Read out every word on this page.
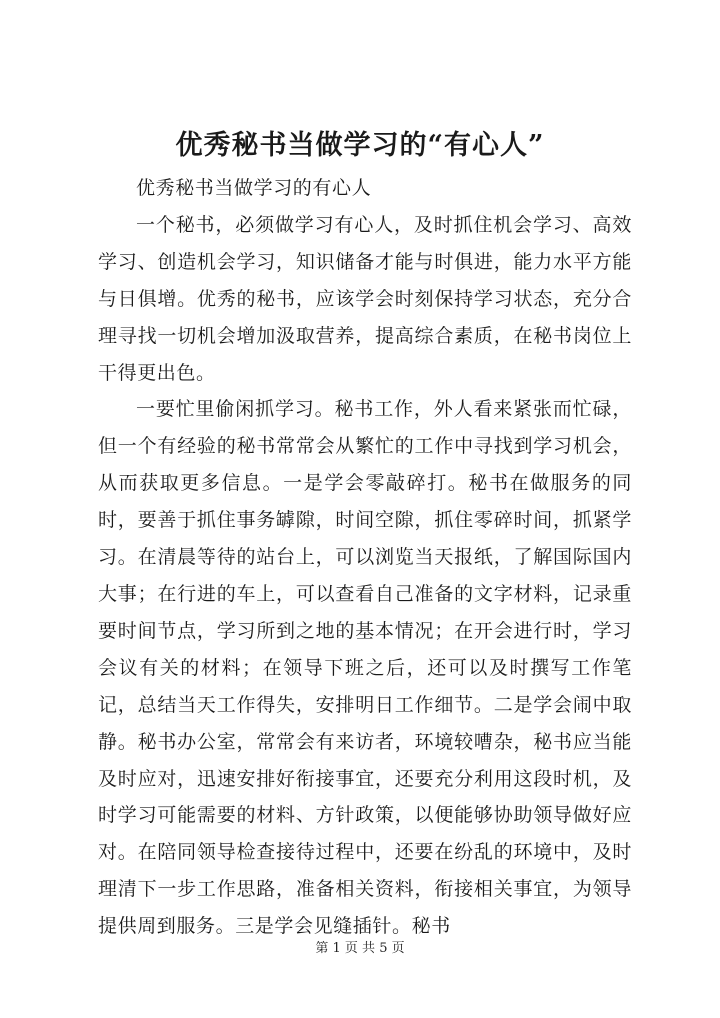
优秀秘书当做学习的“有心人”

优秀秘书当做学习的有心人

一个秘书，必须做学习有心人，及时抓住机会学习、高效学习、创造机会学习，知识储备才能与时俱进，能力水平方能与日俱增。优秀的秘书，应该学会时刻保持学习状态，充分合理寻找一切机会增加汲取营养，提高综合素质，在秘书岗位上干得更出色。

一要忙里偷闲抓学习。秘书工作，外人看来紧张而忙碌，但一个有经验的秘书常常会从繁忙的工作中寻找到学习机会，从而获取更多信息。一是学会零敲碎打。秘书在做服务的同时，要善于抓住事务罅隙，时间空隙，抓住零碎时间，抓紧学习。在清晨等待的站台上，可以浏览当天报纸，了解国际国内大事；在行进的车上，可以查看自己准备的文字材料，记录重要时间节点，学习所到之地的基本情况；在开会进行时，学习会议有关的材料；在领导下班之后，还可以及时撰写工作笔记，总结当天工作得失，安排明日工作细节。二是学会闹中取静。秘书办公室，常常会有来访者，环境较嘈杂，秘书应当能及时应对，迅速安排好衔接事宜，还要充分利用这段时机，及时学习可能需要的材料、方针政策，以便能够协助领导做好应对。在陪同领导检查接待过程中，还要在纷乱的环境中，及时理清下一步工作思路，准备相关资料，衔接相关事宜，为领导提供周到服务。三是学会见缝插针。秘书

第 1 页 共 5 页
